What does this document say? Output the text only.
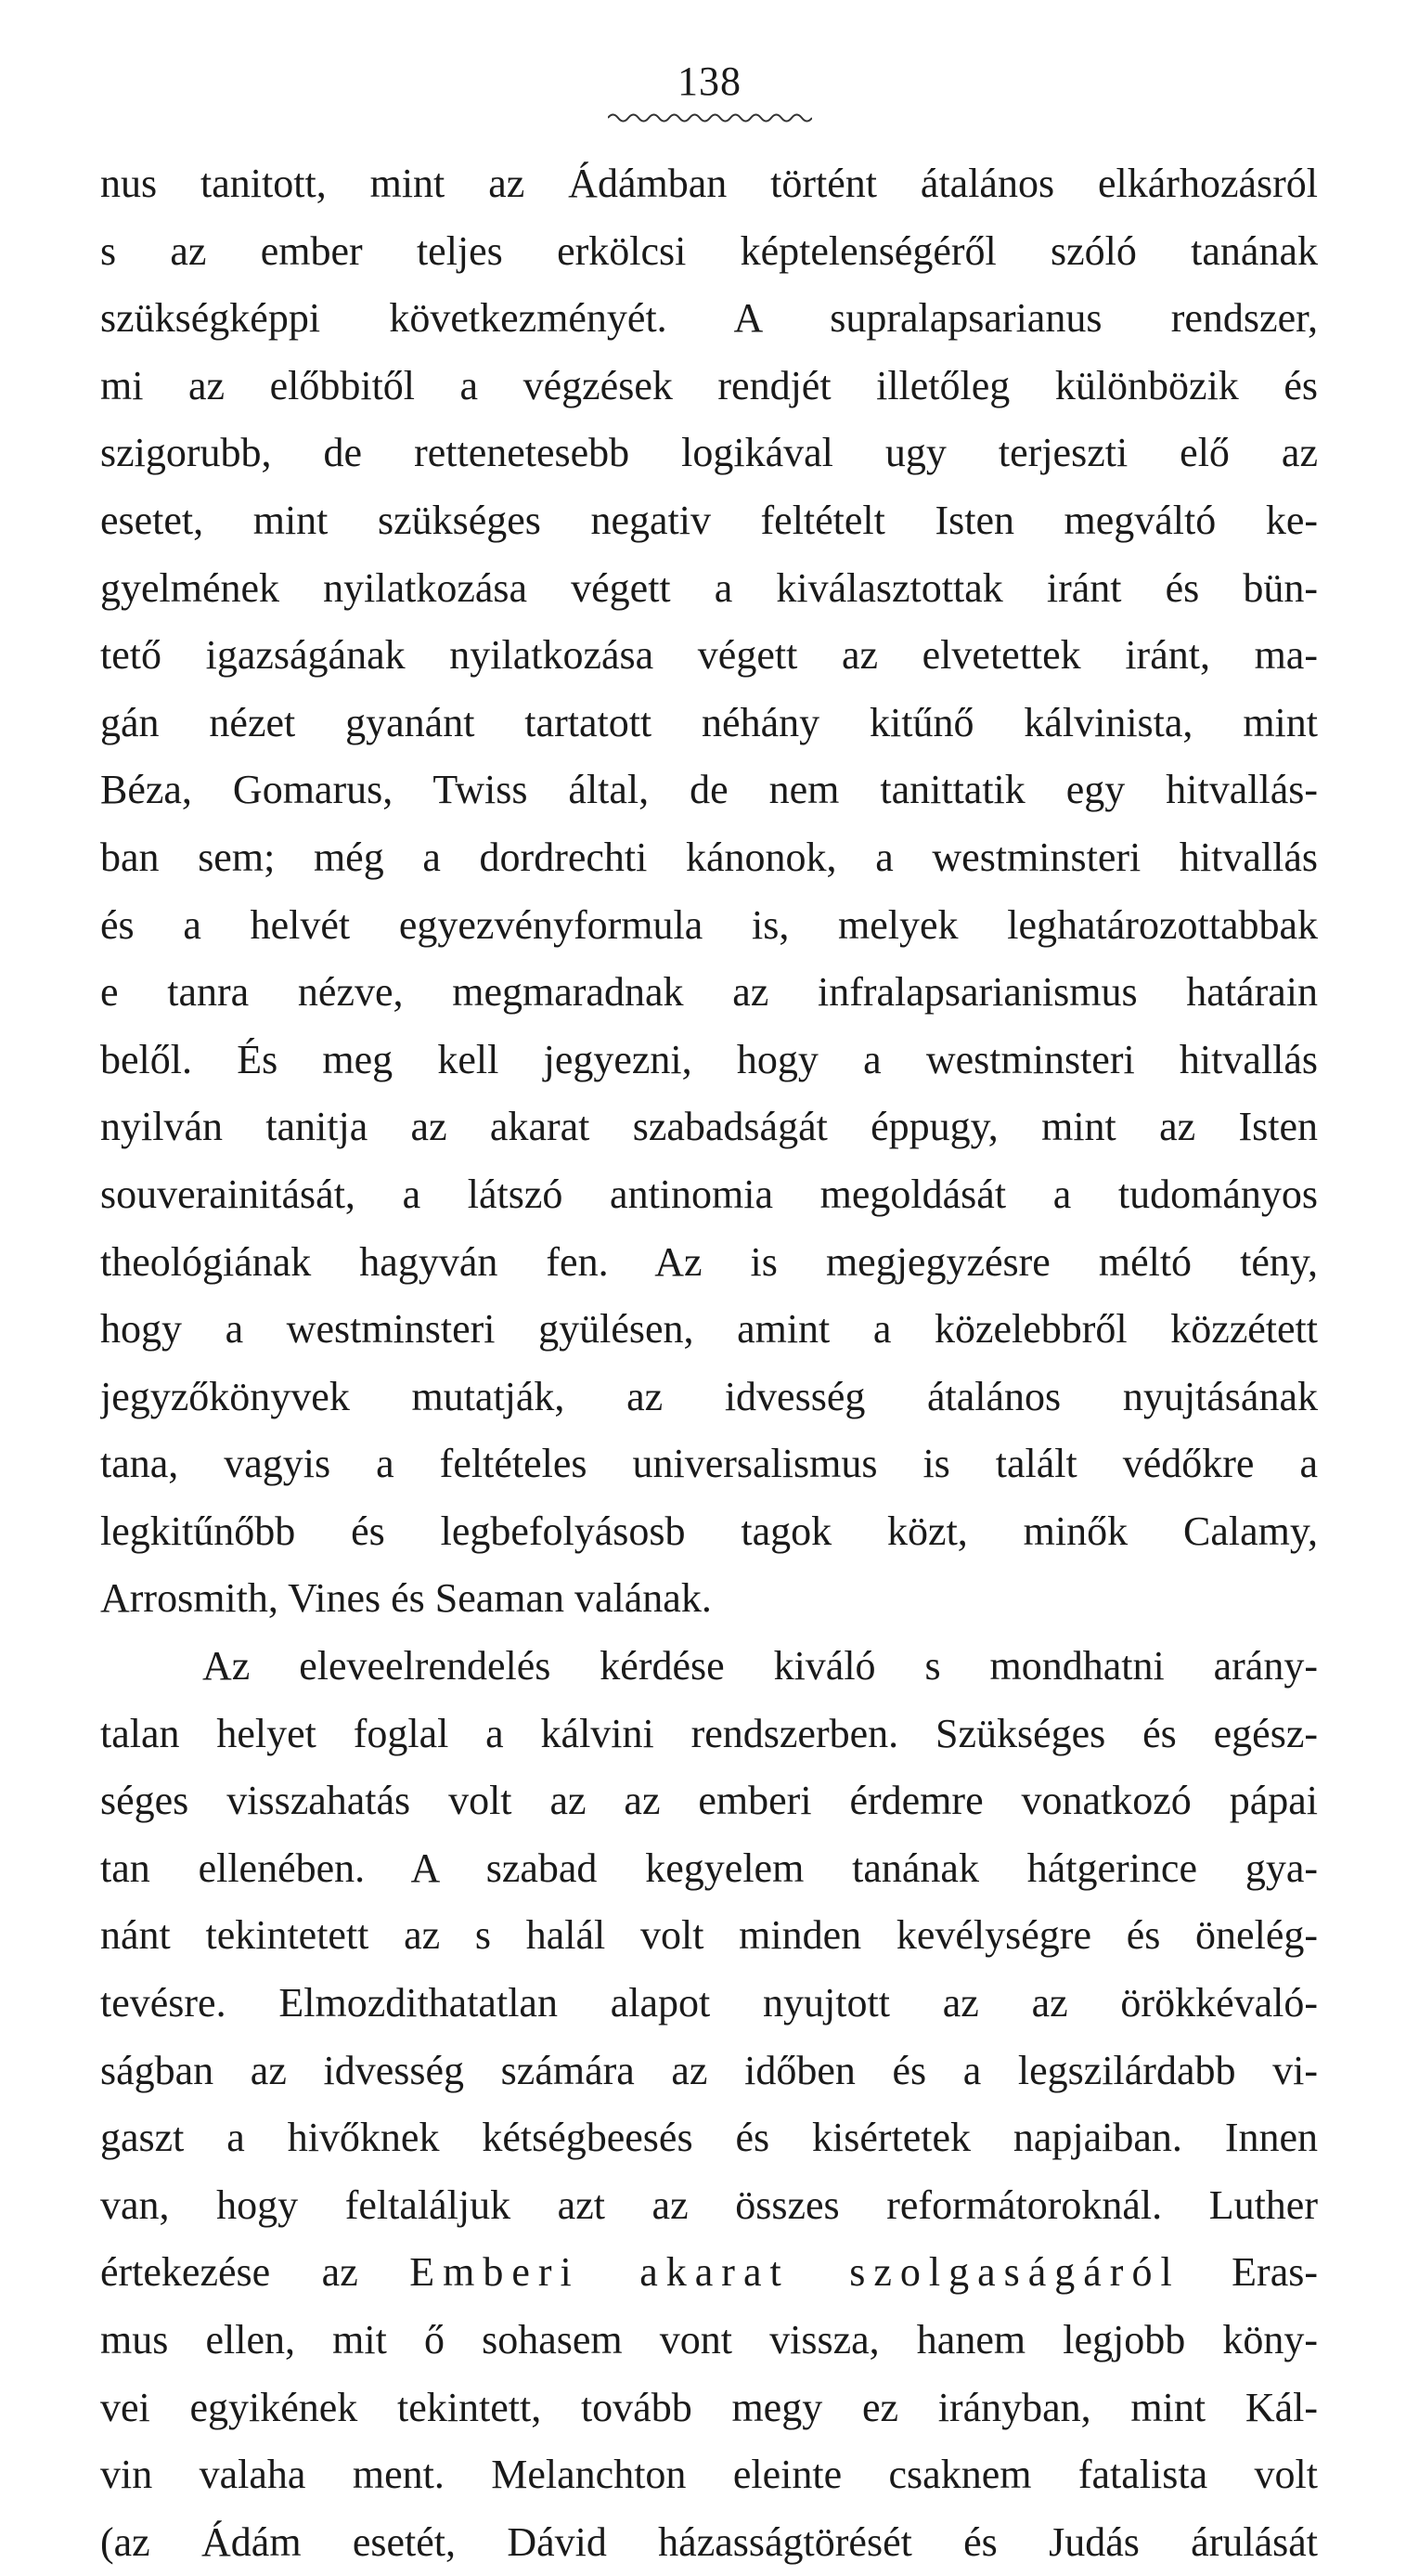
138
nus tanitott, mint az Ádámban történt átalános elkárhozásról
s az ember teljes erkölcsi képtelenségéről szóló tanának
szükségképpi következményét. A supralapsarianus rendszer,
mi az előbbitől a végzések rendjét illetőleg különbözik és
szigorubb, de rettenetesebb logikával ugy terjeszti elő az
esetet, mint szükséges negativ feltételt Isten megváltó ke-
gyelmének nyilatkozása végett a kiválasztottak iránt és bün-
tető igazságának nyilatkozása végett az elvetettek iránt, ma-
gán nézet gyanánt tartatott néhány kitűnő kálvinista, mint
Béza, Gomarus, Twiss által, de nem tanittatik egy hitvallás-
ban sem; még a dordrechti kánonok, a westminsteri hitvallás
és a helvét egyezvényformula is, melyek leghatározottabbak
e tanra nézve, megmaradnak az infralapsarianismus határain
belől. És meg kell jegyezni, hogy a westminsteri hitvallás
nyilván tanitja az akarat szabadságát éppugy, mint az Isten
souverainitását, a látszó antinomia megoldását a tudományos
theológiának hagyván fen. Az is megjegyzésre méltó tény,
hogy a westminsteri gyülésen, amint a közelebbről közzétett
jegyzőkönyvek mutatják, az idvesség átalános nyujtásának
tana, vagyis a feltételes universalismus is talált védőkre a
legkitűnőbb és legbefolyásosb tagok közt, minők Calamy,
Arrosmith, Vines és Seaman valának.
Az eleveelrendelés kérdése kiváló s mondhatni arány-
talan helyet foglal a kálvini rendszerben. Szükséges és egész-
séges visszahatás volt az az emberi érdemre vonatkozó pápai
tan ellenében. A szabad kegyelem tanának hátgerince gya-
nánt tekintetett az s halál volt minden kevélységre és önelég-
tevésre. Elmozdithatatlan alapot nyujtott az az örökkévaló-
ságban az idvesség számára az időben és a legszilárdabb vi-
gaszt a hivőknek kétségbeesés és kisértetek napjaiban. Innen
van, hogy feltaláljuk azt az összes reformátoroknál. Luther
értekezése az Emberi akarat szolgaságáról Eras-
mus ellen, mit ő sohasem vont vissza, hanem legjobb köny-
vei egyikének tekintett, tovább megy ez irányban, mint Kál-
vin valaha ment. Melanchton eleinte csaknem fatalista volt
(az Ádám esetét, Dávid házasságtörését és Judás árulását
